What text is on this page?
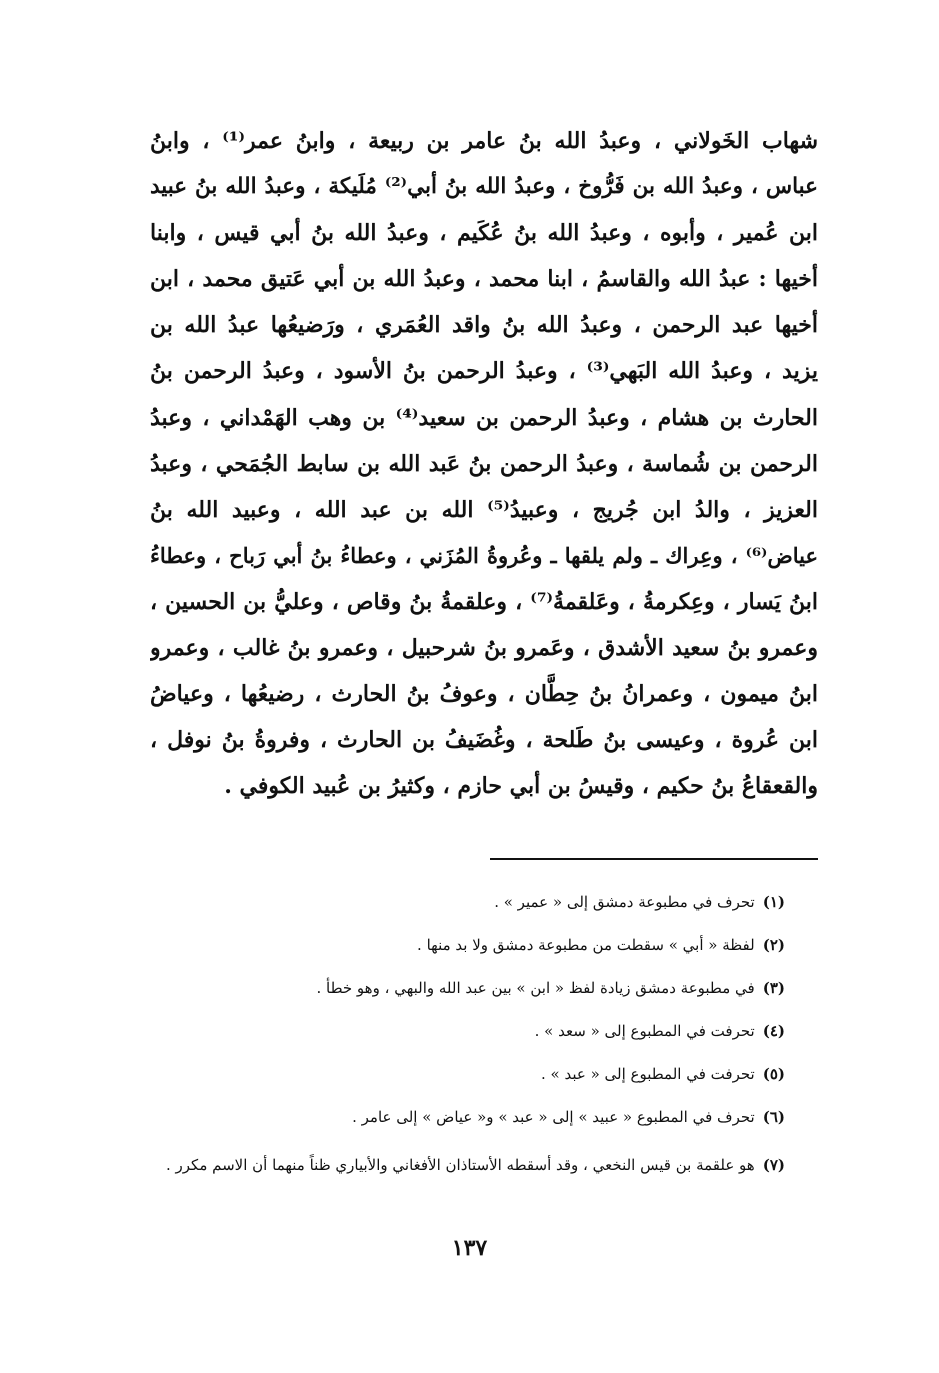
شهاب الخَولاني ، وعبدُ الله بنُ عامر بن ربيعة ، وابنُ عمر⁽¹⁾ ، وابنُ
عباس ، وعبدُ الله بن فَرُّوخ ، وعبدُ الله بنُ أبي⁽²⁾ مُلَيكة ، وعبدُ الله بنُ عبيد
ابن عُمير ، وأبوه ، وعبدُ الله بنُ عُكَيم ، وعبدُ الله بنُ أبي قيس ، وابنا
أخيها : عبدُ الله والقاسمُ ، ابنا محمد ، وعبدُ الله بن أبي عَتيق محمد ، ابن
أخيها عبد الرحمن ، وعبدُ الله بنُ واقد العُمَري ، ورَضيعُها عبدُ الله بن
يزيد ، وعبدُ الله البَهي⁽³⁾ ، وعبدُ الرحمن بنُ الأسود ، وعبدُ الرحمن بنُ
الحارث بن هشام ، وعبدُ الرحمن بن سعيد⁽⁴⁾ بن وهب الهَمْداني ، وعبدُ
الرحمن بن شُماسة ، وعبدُ الرحمن بنُ عَبد الله بن سابط الجُمَحي ، وعبدُ
العزيز ، والدُ ابن جُريج ، وعبيدُ⁽⁵⁾ الله بن عبد الله ، وعبيد الله بنُ
عياض⁽⁶⁾ ، وعِراك ـ ولم يلقها ـ وعُروةُ المُزَني ، وعطاءُ بنُ أبي رَباح ، وعطاءُ
ابنُ يَسار ، وعِكرمةُ ، وعَلقمةُ⁽⁷⁾ ، وعلقمةُ بنُ وقاص ، وعليُّ بن الحسين ،
وعمرو بنُ سعيد الأشدق ، وعَمرو بنُ شرحبيل ، وعمرو بنُ غالب ، وعمرو
ابنُ ميمون ، وعمرانُ بنُ حِطَّان ، وعوفُ بنُ الحارث ، رضيعُها ، وعياضُ
ابن عُروة ، وعيسى بنُ طَلحة ، وغُضَيفُ بن الحارث ، وفروةُ بنُ نوفل ،
والقعقاعُ بنُ حكيم ، وقيسُ بن أبي حازم ، وكثيرُ بن عُبيد الكوفي .
(١)تحرف في مطبوعة دمشق إلى « عمير » .
(٢)لفظة « أبي » سقطت من مطبوعة دمشق ولا بد منها .
(٣)في مطبوعة دمشق زيادة لفظ « ابن » بين عبد الله والبهي ، وهو خطأ .
(٤)تحرفت في المطبوع إلى « سعد » .
(٥)تحرفت في المطبوع إلى « عبد » .
(٦)تحرف في المطبوع « عبيد » إلى « عبد » و« عياض » إلى عامر .
(٧)هو علقمة بن قيس النخعي ، وقد أسقطه الأستاذان الأفغاني والأبياري ظناً منهما أن الاسم مكرر .
١٣٧
